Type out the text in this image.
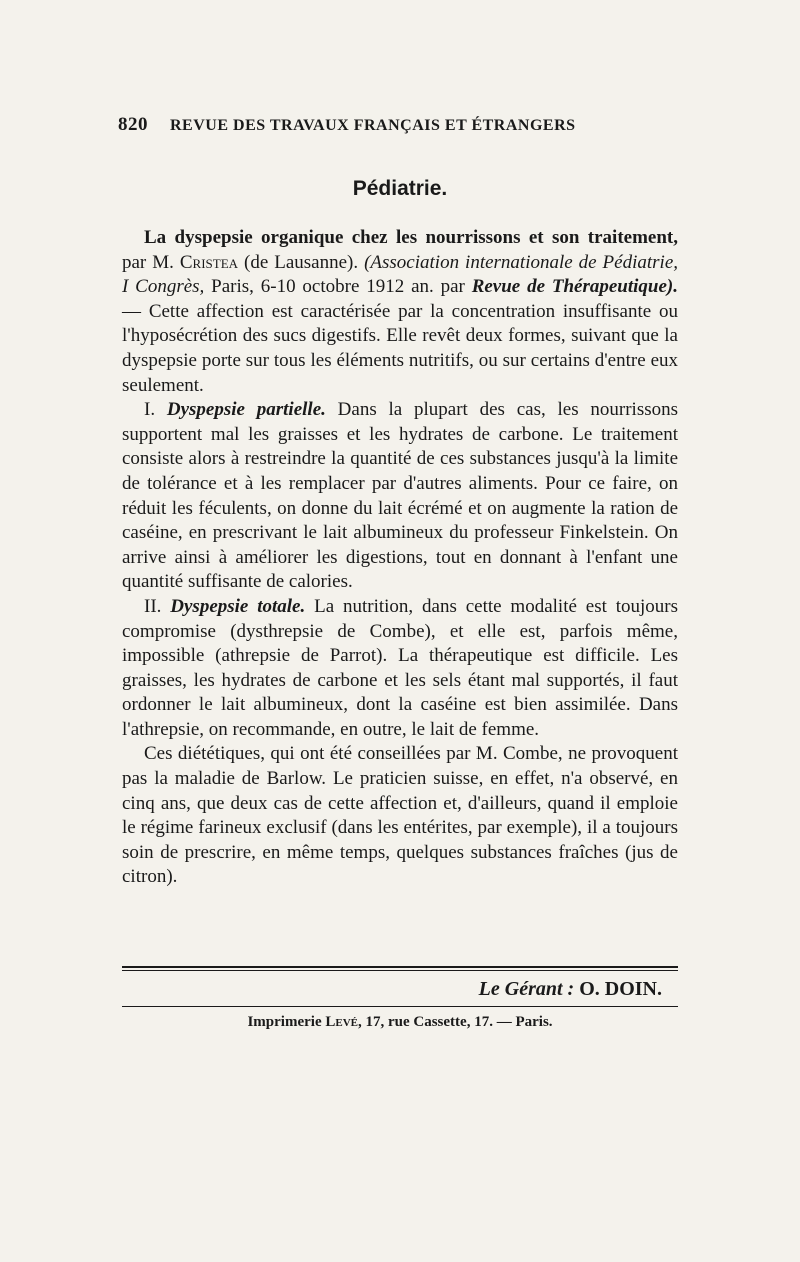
820 REVUE DES TRAVAUX FRANÇAIS ET ÉTRANGERS
Pédiatrie.

La dyspepsie organique chez les nourrissons et son traitement, par M. Cristea (de Lausanne). (Association internationale de Pédiatrie, I Congrès, Paris, 6-10 octobre 1912 an. par Revue de Thérapeutique). — Cette affection est caractérisée par la concentration insuffisante ou l'hyposécrétion des sucs digestifs. Elle revêt deux formes, suivant que la dyspepsie porte sur tous les éléments nutritifs, ou sur certains d'entre eux seulement.

I. Dyspepsie partielle. Dans la plupart des cas, les nourrissons supportent mal les graisses et les hydrates de carbone. Le traitement consiste alors à restreindre la quantité de ces substances jusqu'à la limite de tolérance et à les remplacer par d'autres aliments. Pour ce faire, on réduit les féculents, on donne du lait écrémé et on augmente la ration de caséine, en prescrivant le lait albumineux du professeur Finkelstein. On arrive ainsi à améliorer les digestions, tout en donnant à l'enfant une quantité suffisante de calories.

II. Dyspepsie totale. La nutrition, dans cette modalité est toujours compromise (dysthrepsie de Combe), et elle est, parfois même, impossible (athrepsie de Parrot). La thérapeutique est difficile. Les graisses, les hydrates de carbone et les sels étant mal supportés, il faut ordonner le lait albumineux, dont la caséine est bien assimilée. Dans l'athrepsie, on recommande, en outre, le lait de femme.

Ces diététiques, qui ont été conseillées par M. Combe, ne provoquent pas la maladie de Barlow. Le praticien suisse, en effet, n'a observé, en cinq ans, que deux cas de cette affection et, d'ailleurs, quand il emploie le régime farineux exclusif (dans les entérites, par exemple), il a toujours soin de prescrire, en même temps, quelques substances fraîches (jus de citron).

Le Gérant : O. DOIN.
Imprimerie Levé, 17, rue Cassette, 17. — Paris.
